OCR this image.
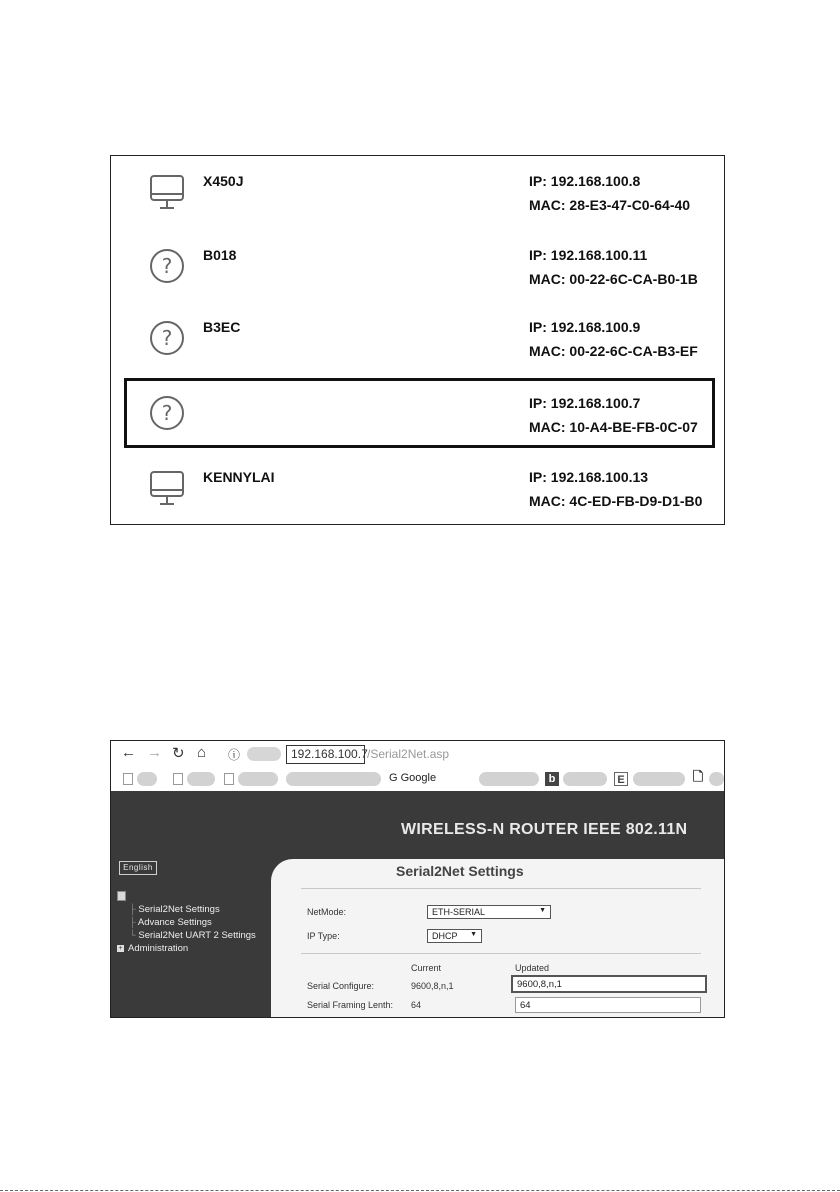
X450J	IP: 192.168.100.8
MAC: 28-E3-47-C0-64-40
? B018	IP: 192.168.100.11
MAC: 00-22-6C-CA-B0-1B
? B3EC	IP: 192.168.100.9
MAC: 00-22-6C-CA-B3-EF
?	IP: 192.168.100.7
MAC: 10-A4-BE-FB-0C-07
KENNYLAI	IP: 192.168.100.13
MAC: 4C-ED-FB-D9-D1-B0
← → ↻ ⌂ ⓘ	192.168.100.7 /Serial2Net.asp
G Google	b	E	🗋
WIRELESS-N ROUTER IEEE 802.11N
English
├ Serial2Net Settings
├ Advance Settings
└ Serial2Net UART 2 Settings
+ Administration
Serial2Net Settings
NetMode:	ETH-SERIAL	▼
IP Type:	DHCP ▼
Current	Updated
Serial Configure:	9600,8,n,1	9600,8,n,1
Serial Framing Lenth: 64	64
